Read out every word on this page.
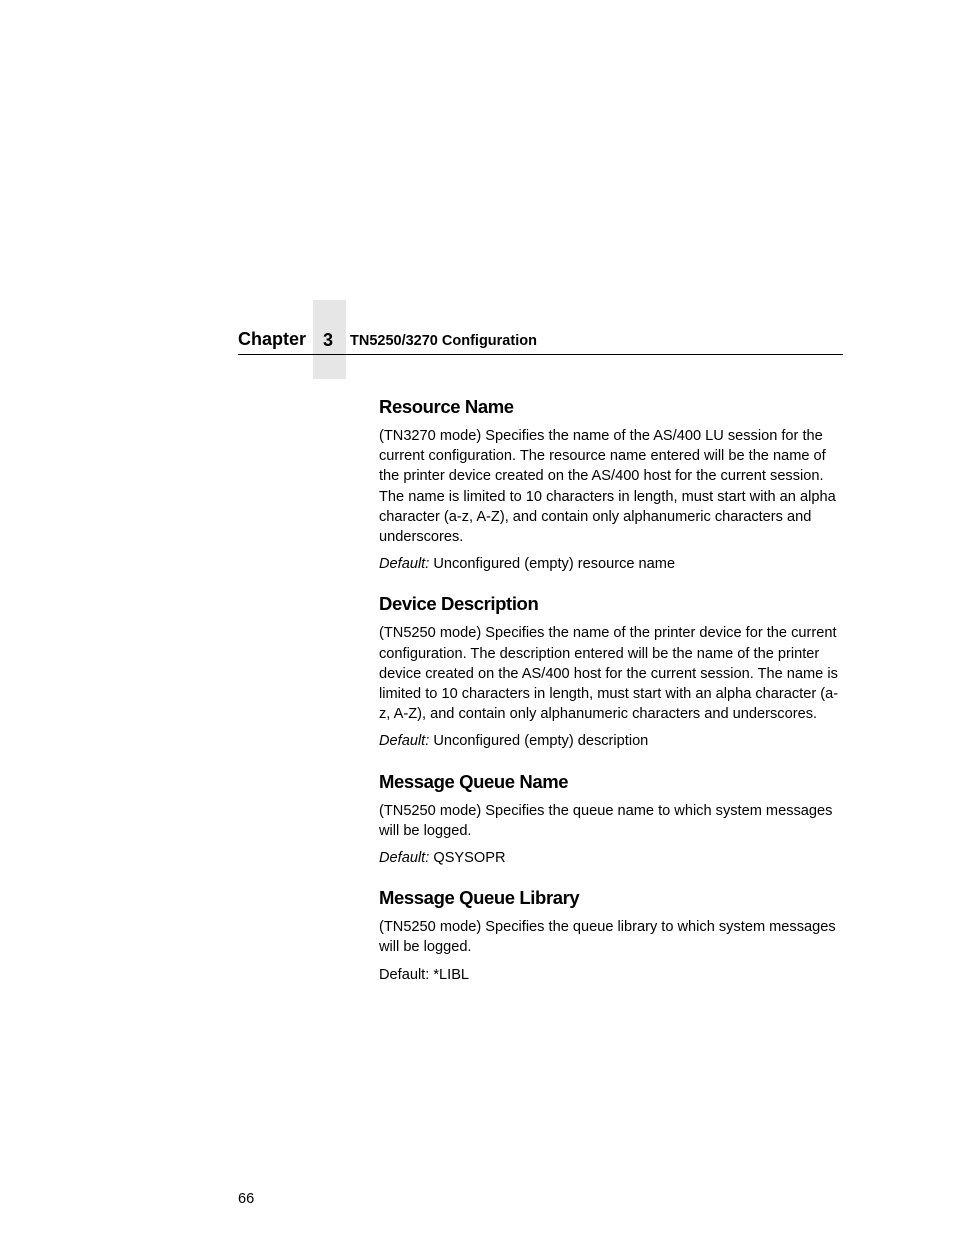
Chapter 3	TN5250/3270 Configuration
Resource Name

(TN3270 mode) Specifies the name of the AS/400 LU session for the current configuration. The resource name entered will be the name of the printer device created on the AS/400 host for the current session. The name is limited to 10 characters in length, must start with an alpha character (a-z, A-Z), and contain only alphanumeric characters and underscores.

Default: Unconfigured (empty) resource name

Device Description

(TN5250 mode) Specifies the name of the printer device for the current configuration. The description entered will be the name of the printer device created on the AS/400 host for the current session. The name is limited to 10 characters in length, must start with an alpha character (a-z, A-Z), and contain only alphanumeric characters and underscores.

Default: Unconfigured (empty) description

Message Queue Name

(TN5250 mode) Specifies the queue name to which system messages will be logged.

Default: QSYSOPR

Message Queue Library

(TN5250 mode) Specifies the queue library to which system messages will be logged.

Default: *LIBL

66
